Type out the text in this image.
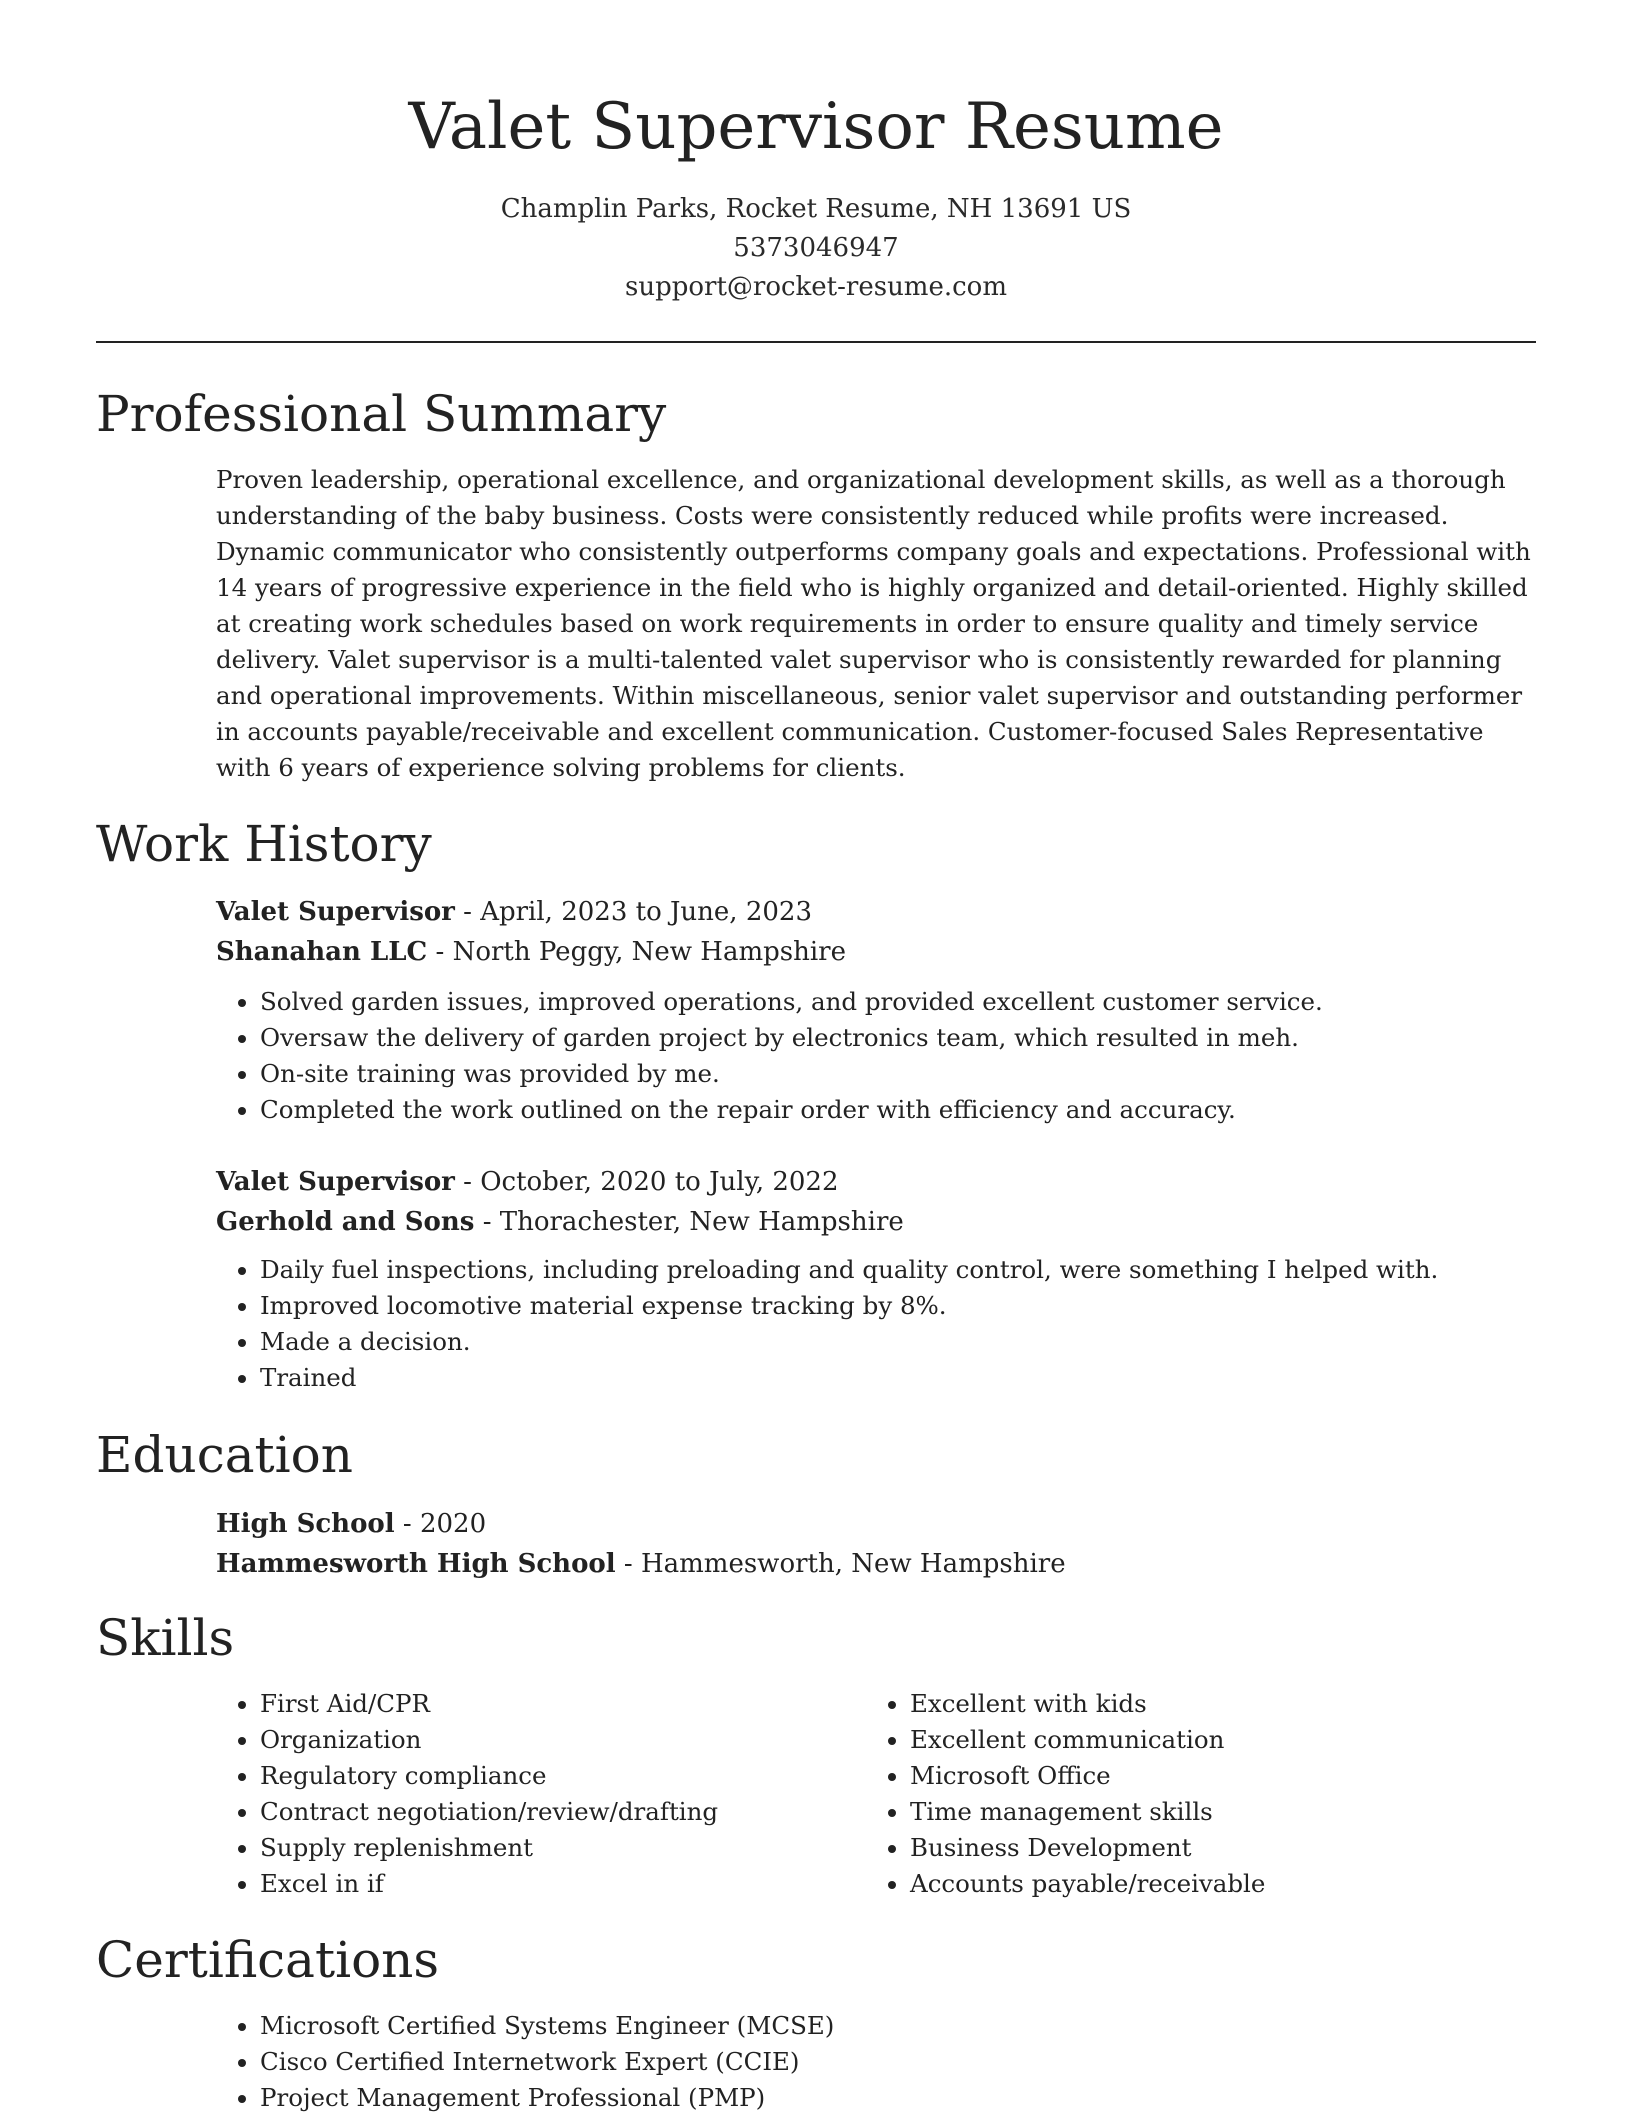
Valet Supervisor Resume
Champlin Parks, Rocket Resume, NH 13691 US
5373046947
support@rocket-resume.com
Professional Summary

Proven leadership, operational excellence, and organizational development skills, as well as a thorough understanding of the baby business. Costs were consistently reduced while profits were increased. Dynamic communicator who consistently outperforms company goals and expectations. Professional with 14 years of progressive experience in the field who is highly organized and detail-oriented. Highly skilled at creating work schedules based on work requirements in order to ensure quality and timely service delivery. Valet supervisor is a multi-talented valet supervisor who is consistently rewarded for planning and operational improvements. Within miscellaneous, senior valet supervisor and outstanding performer in accounts payable/receivable and excellent communication. Customer-focused Sales Representative with 6 years of experience solving problems for clients.

Work History
Valet Supervisor - April, 2023 to June, 2023
Shanahan LLC - North Peggy, New Hampshire
• Solved garden issues, improved operations, and provided excellent customer service.
• Oversaw the delivery of garden project by electronics team, which resulted in meh.
• On-site training was provided by me.
• Completed the work outlined on the repair order with efficiency and accuracy.
Valet Supervisor - October, 2020 to July, 2022
Gerhold and Sons - Thorachester, New Hampshire
• Daily fuel inspections, including preloading and quality control, were something I helped with.
• Improved locomotive material expense tracking by 8%.
• Made a decision.
• Trained
Education
High School - 2020
Hammesworth High School - Hammesworth, New Hampshire
Skills
• First Aid/CPR
• Organization
• Regulatory compliance
• Contract negotiation/review/drafting
• Supply replenishment
• Excel in if
• Excellent with kids
• Excellent communication
• Microsoft Office
• Time management skills
• Business Development
• Accounts payable/receivable
Certifications
• Microsoft Certified Systems Engineer (MCSE)
• Cisco Certified Internetwork Expert (CCIE)
• Project Management Professional (PMP)
